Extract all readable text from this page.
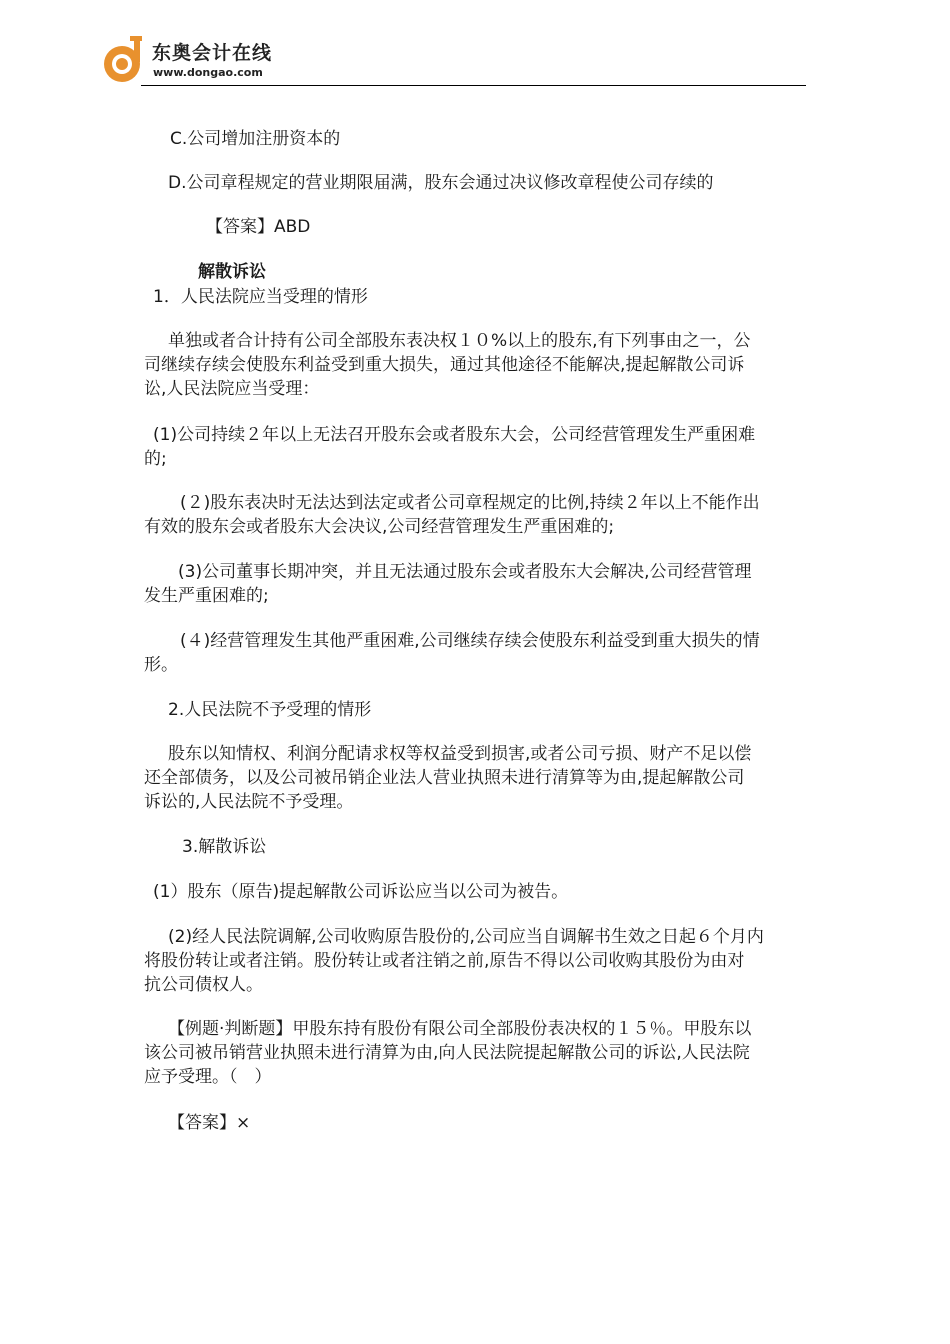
东奥会计在线
www.dongao.com
C.公司增加注册资本的
D.公司章程规定的营业期限届满，股东会通过决议修改章程使公司存续的
【答案】ABD
解散诉讼
1．人民法院应当受理的情形
单独或者合计持有公司全部股东表决权１０%以上的股东,有下列事由之一，公
司继续存续会使股东利益受到重大损失，通过其他途径不能解决,提起解散公司诉
讼,人民法院应当受理：
(1)公司持续２年以上无法召开股东会或者股东大会，公司经营管理发生严重困难
的;
(２)股东表决时无法达到法定或者公司章程规定的比例,持续２年以上不能作出
有效的股东会或者股东大会决议,公司经营管理发生严重困难的;
(3)公司董事长期冲突，并且无法通过股东会或者股东大会解决,公司经营管理
发生严重困难的;
(４)经营管理发生其他严重困难,公司继续存续会使股东利益受到重大损失的情
形。
2.人民法院不予受理的情形
股东以知情权、利润分配请求权等权益受到损害,或者公司亏损、财产不足以偿
还全部债务，以及公司被吊销企业法人营业执照未进行清算等为由,提起解散公司
诉讼的,人民法院不予受理。
3.解散诉讼
(1）股东（原告)提起解散公司诉讼应当以公司为被告。
(2)经人民法院调解,公司收购原告股份的,公司应当自调解书生效之日起６个月内
将股份转让或者注销。股份转让或者注销之前,原告不得以公司收购其股份为由对
抗公司债权人。
【例题·判断题】甲股东持有股份有限公司全部股份表决权的１５％。甲股东以
该公司被吊销营业执照未进行清算为由,向人民法院提起解散公司的诉讼,人民法院
应予受理。（　）
【答案】×
